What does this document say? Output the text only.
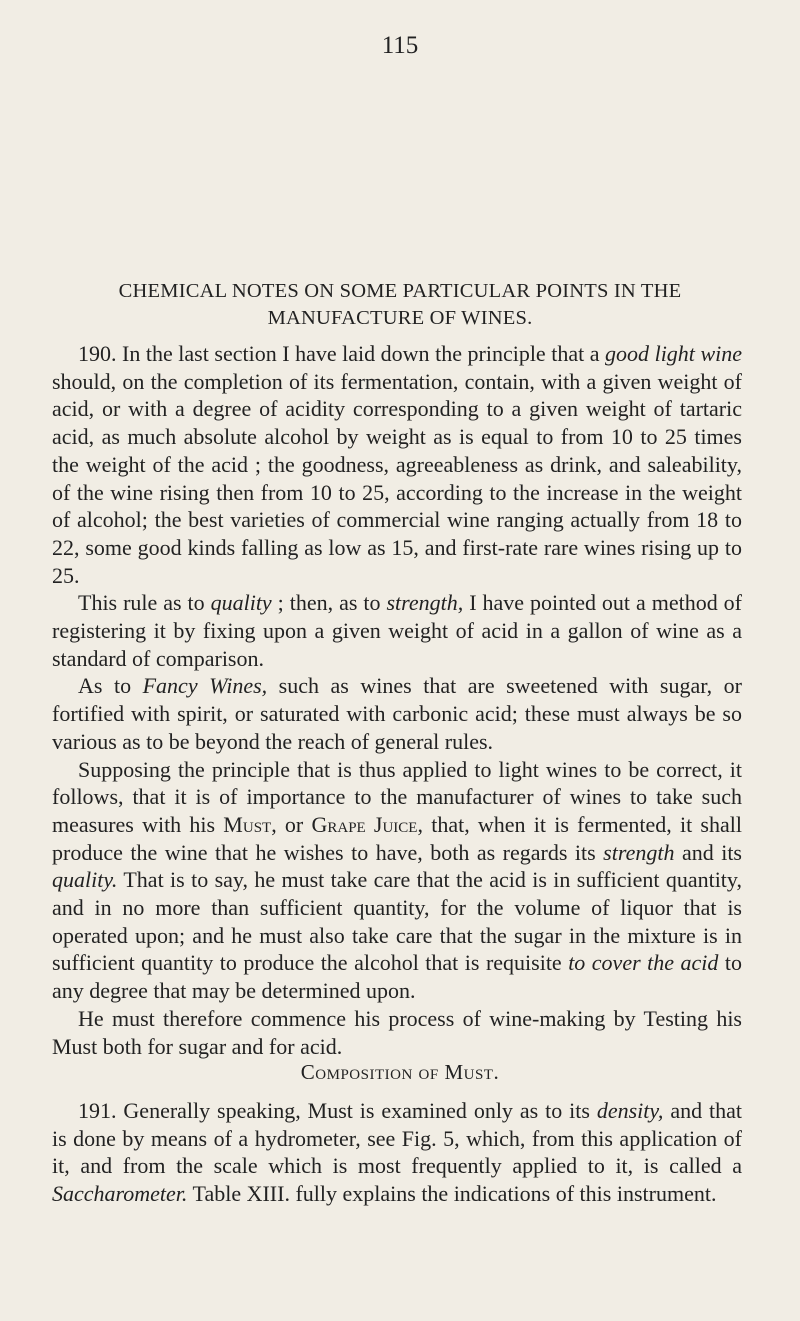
115
CHEMICAL NOTES ON SOME PARTICULAR POINTS IN THE
MANUFACTURE OF WINES.

190. In the last section I have laid down the principle that a good light wine should, on the completion of its fermentation, contain, with a given weight of acid, or with a degree of acidity corresponding to a given weight of tartaric acid, as much absolute alcohol by weight as is equal to from 10 to 25 times the weight of the acid ; the goodness, agreeableness as drink, and saleability, of the wine rising then from 10 to 25, according to the increase in the weight of alcohol; the best varieties of commercial wine ranging actually from 18 to 22, some good kinds falling as low as 15, and first-rate rare wines rising up to 25.

This rule as to quality ; then, as to strength, I have pointed out a method of registering it by fixing upon a given weight of acid in a gallon of wine as a standard of comparison.

As to Fancy Wines, such as wines that are sweetened with sugar, or fortified with spirit, or saturated with carbonic acid; these must always be so various as to be beyond the reach of general rules.

Supposing the principle that is thus applied to light wines to be correct, it follows, that it is of importance to the manufacturer of wines to take such measures with his Must, or Grape Juice, that, when it is fermented, it shall produce the wine that he wishes to have, both as regards its strength and its quality. That is to say, he must take care that the acid is in sufficient quantity, and in no more than sufficient quantity, for the volume of liquor that is operated upon; and he must also take care that the sugar in the mixture is in sufficient quantity to produce the alcohol that is requisite to cover the acid to any degree that may be determined upon.

He must therefore commence his process of wine-making by Testing his Must both for sugar and for acid.

Composition of Must.

191. Generally speaking, Must is examined only as to its density, and that is done by means of a hydrometer, see Fig. 5, which, from this application of it, and from the scale which is most frequently applied to it, is called a Saccharometer. Table XIII. fully explains the indications of this instrument.
